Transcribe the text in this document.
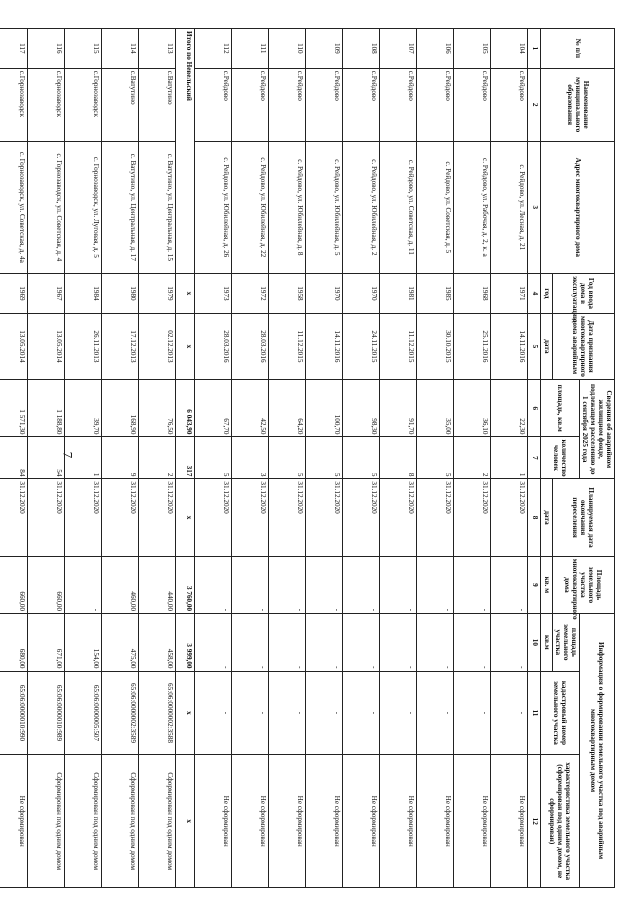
7
№ п/п	Наименование муниципального образования	Адрес многоквартирного дома	Год ввода дома в эксплуатацию	Дата признания многоквартирного дома аварийным	Сведения об аварийном жилищном фонде, подлежащем расселению до 1 сентября 2025 года		Планируемая дата окончания переселения	Площадь земельного участка многоквартирного дома	Информация о формировании земельного участка под аварийным многоквартирным домом		
					площадь, кв.м	количество человек			площадь земельного участка	кадастровый номер земельного участка	характеристика земельного участка (сформирован под одним домом, не сформирован)
			год	дата			дата	кв. м	кв.м		
1	2	3	4	5	6	7	8	9	10	11	12
104	с.Рейдово	с. Рейдово, ул. Лесная, д. 21	1971	14.11.2016	22,30	1	31.12.2020	-	-	-	Не сформирован
105	с.Рейдово	с. Рейдово, ул. Рабочая, д. 2, к. а	1968	25.11.2016	36,10	2	31.12.2020	-	-	-	Не сформирован
106	с.Рейдово	с. Рейдово, ул. Советская, д. 5	1985	30.10.2015	35,00	5	31.12.2020	-	-	-	Не сформирован
107	с.Рейдово	с. Рейдово, ул. Советская, д. 11	1981	11.12.2015	91,70	8	31.12.2020	-	-	-	Не сформирован
108	с.Рейдово	с. Рейдово, ул. Юбилейная, д. 2	1970	24.11.2015	98,30	5	31.12.2020	-	-	-	Не сформирован
109	с.Рейдово	с. Рейдово, ул. Юбилейная, д. 5	1970	14.11.2016	100,70	5	31.12.2020	-	-	-	Не сформирован
110	с.Рейдово	с. Рейдово, ул. Юбилейная, д. 8	1958	11.12.2015	64,20	5	31.12.2020	-	-	-	Не сформирован
111	с.Рейдово	с. Рейдово, ул. Юбилейная, д. 22	1972	28.03.2016	42,50	3	31.12.2020	-	-	-	Не сформирован
112	с.Рейдово	с. Рейдово, ул. Юбилейная, д. 26	1973	28.03.2016	67,70	5	31.12.2020	-	-	-	Не сформирован
Итого по Невельский			x	x	6 043,90	317	x	3 760,00	3 999,00	x	x
113	с.Ватутино	с. Ватутино, ул. Центральная, д. 15	1979	02.12.2013	76,50	2	31.12.2020	440,00	458,00	65:06:0000002:3588	Сформирован под одним домом
114	с.Ватутино	с. Ватутино, ул. Центральная, д. 17	1980	17.12.2013	168,90	9	31.12.2020	460,00	475,00	65:06:0000002:3589	Сформирован под одним домом
115	с.Горнозаводск	с. Горнозаводск, ул. Луговая, д. 5	1984	26.11.2013	39,70	1	31.12.2020	-	154,00	65:06:0000005:507	Сформирован под одним домом
116	с.Горнозаводск	с. Горнозаводск, ул. Советская, д. 4	1967	13.05.2014	1 188,80	54	31.12.2020	660,00	671,00	65:06:0000010:989	Сформирован под одним домом
117	с.Горнозаводск	с. Горнозаводск, ул. Советская, д. 4а	1969	13.05.2014	1 571,30	84	31.12.2020	660,00	680,00	65:06:0000010:990	Не сформирован
